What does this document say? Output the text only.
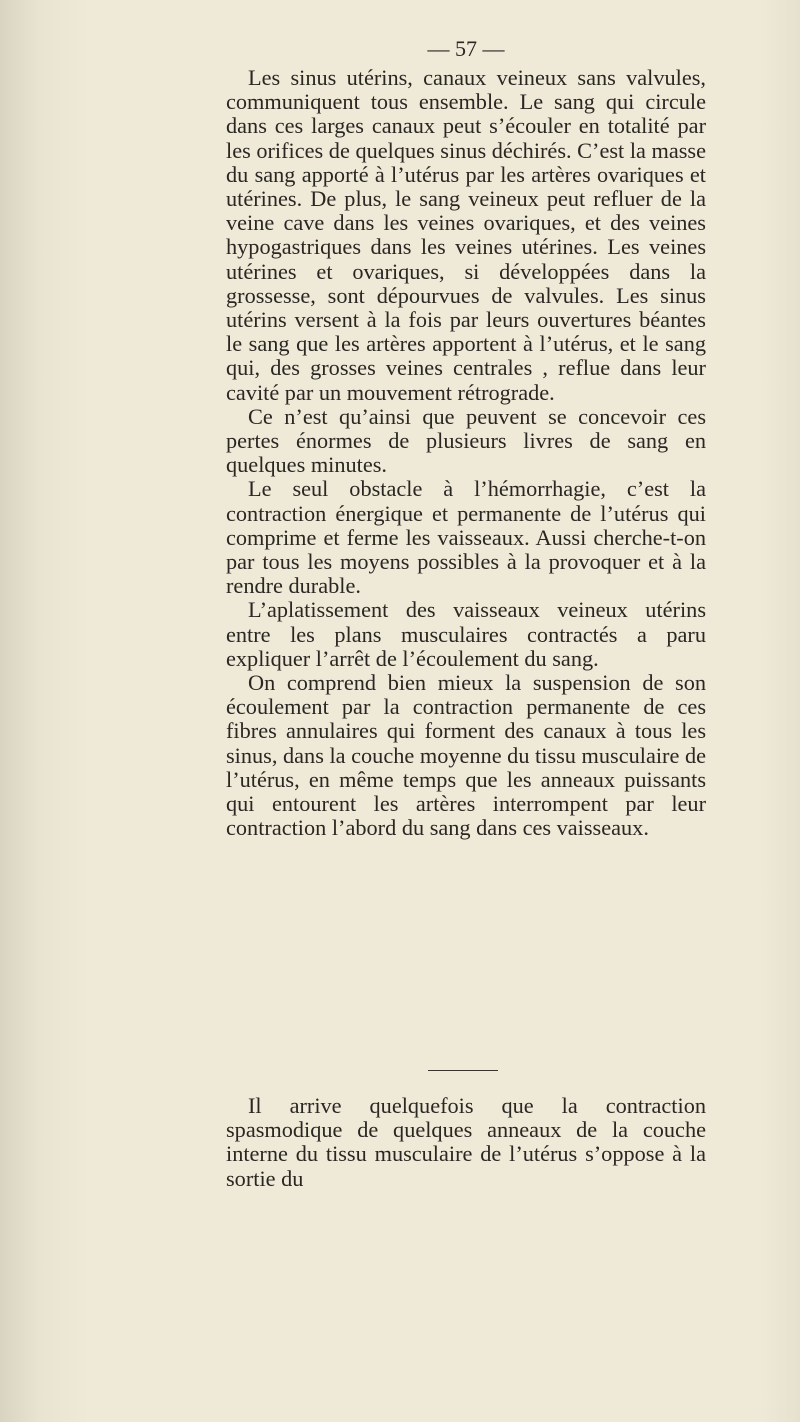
— 57 —

Les sinus utérins, canaux veineux sans valvules, communiquent tous ensemble. Le sang qui circule dans ces larges canaux peut s’écouler en totalité par les orifices de quelques sinus déchirés. C’est la masse du sang apporté à l’utérus par les artères ovariques et utérines. De plus, le sang veineux peut refluer de la veine cave dans les veines ovariques, et des veines hypogastriques dans les veines utérines. Les veines utérines et ovariques, si développées dans la grossesse, sont dépourvues de valvules. Les sinus utérins versent à la fois par leurs ouvertures béantes le sang que les artères apportent à l’utérus, et le sang qui, des grosses veines centrales , reflue dans leur cavité par un mouvement rétrograde.

Ce n’est qu’ainsi que peuvent se concevoir ces pertes énormes de plusieurs livres de sang en quelques minutes.

Le seul obstacle à l’hémorrhagie, c’est la contraction énergique et permanente de l’utérus qui comprime et ferme les vaisseaux. Aussi cherche-t-on par tous les moyens possibles à la provoquer et à la rendre durable.

L’aplatissement des vaisseaux veineux utérins entre les plans musculaires contractés a paru expliquer l’arrêt de l’écoulement du sang.

On comprend bien mieux la suspension de son écoulement par la contraction permanente de ces fibres annulaires qui forment des canaux à tous les sinus, dans la couche moyenne du tissu musculaire de l’utérus, en même temps que les anneaux puissants qui entourent les artères interrompent par leur contraction l’abord du sang dans ces vaisseaux.

Il arrive quelquefois que la contraction spasmodique de quelques anneaux de la couche interne du tissu musculaire de l’utérus s’oppose à la sortie du
